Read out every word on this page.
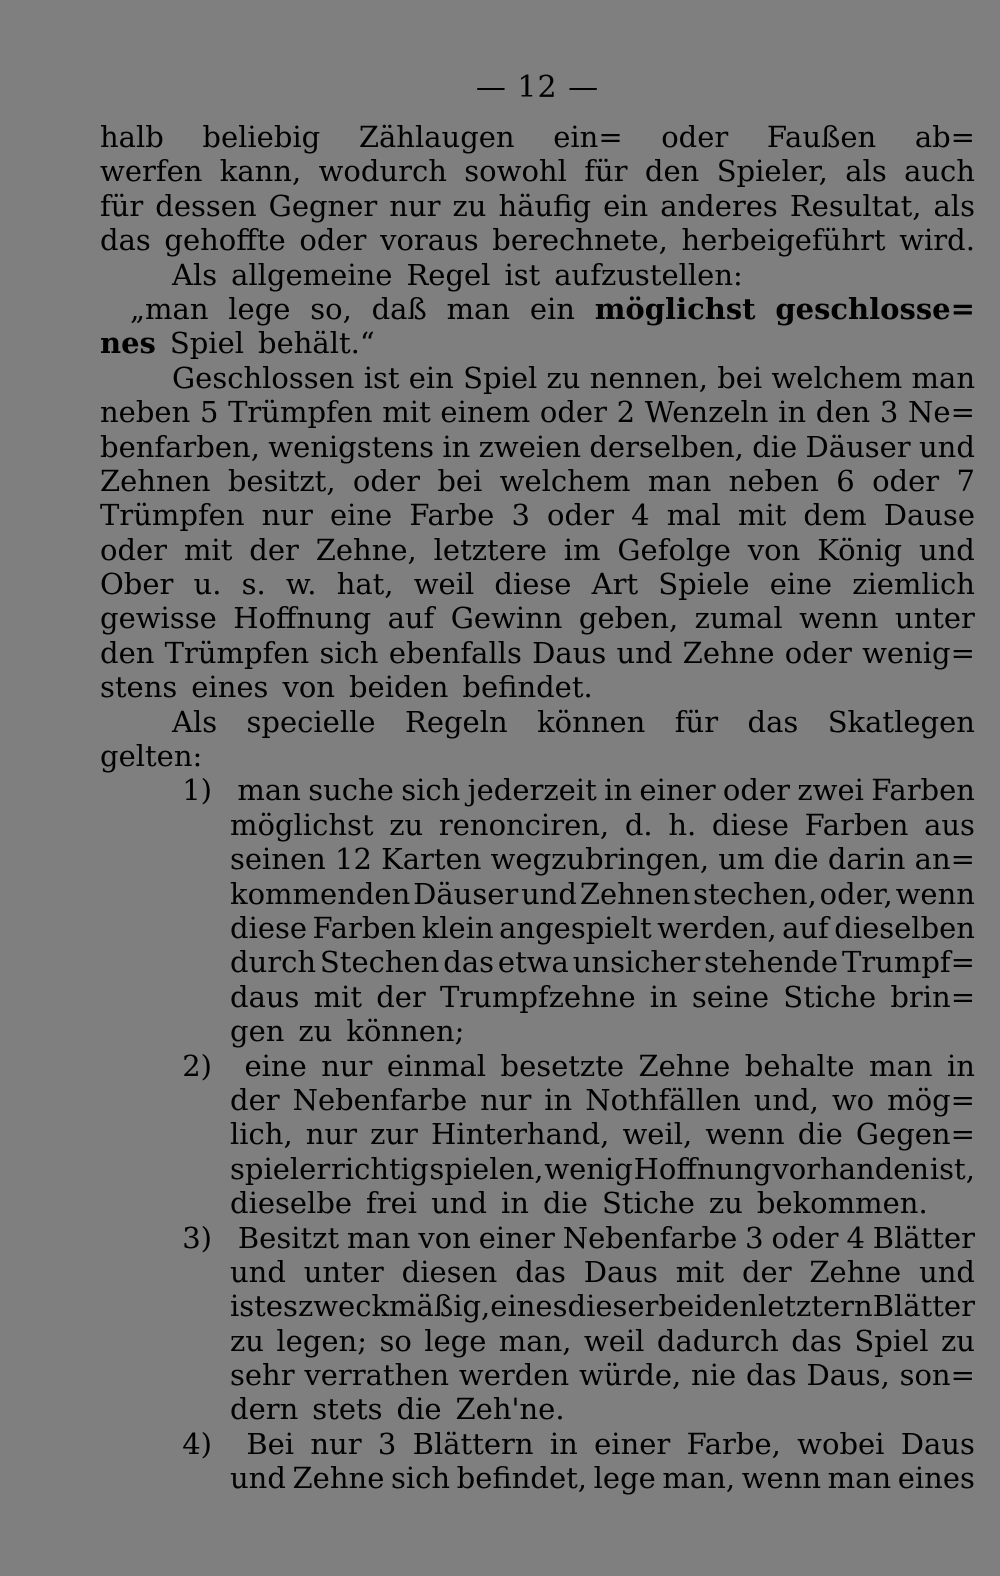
— 12 —
halb beliebig Zählaugen ein= oder Faußen ab=
werfen kann, wodurch sowohl für den Spieler, als auch
für dessen Gegner nur zu häufig ein anderes Resultat, als
das gehoffte oder voraus berechnete, herbeigeführt wird.
Als allgemeine Regel ist aufzustellen:
„man lege so, daß man ein möglichst geschlosse=
nes Spiel behält.“
Geschlossen ist ein Spiel zu nennen, bei welchem man
neben 5 Trümpfen mit einem oder 2 Wenzeln in den 3 Ne=
benfarben, wenigstens in zweien derselben, die Däuser und
Zehnen besitzt, oder bei welchem man neben 6 oder 7
Trümpfen nur eine Farbe 3 oder 4 mal mit dem Dause
oder mit der Zehne, letztere im Gefolge von König und
Ober u. s. w. hat, weil diese Art Spiele eine ziemlich
gewisse Hoffnung auf Gewinn geben, zumal wenn unter
den Trümpfen sich ebenfalls Daus und Zehne oder wenig=
stens eines von beiden befindet.
Als specielle Regeln können für das Skatlegen
gelten:
1) man suche sich jederzeit in einer oder zwei Farben
möglichst zu renonciren, d. h. diese Farben aus
seinen 12 Karten wegzubringen, um die darin an=
kommenden Däuser und Zehnen stechen, oder, wenn
diese Farben klein angespielt werden, auf dieselben
durch Stechen das etwa unsicher stehende Trumpf=
daus mit der Trumpfzehne in seine Stiche brin=
gen zu können;
2)	eine nur einmal besetzte Zehne behalte man in
der Nebenfarbe nur in Nothfällen und, wo mög=
lich, nur zur Hinterhand, weil, wenn die Gegen=
spieler richtig spielen, wenig Hoffnung vorhanden ist,
dieselbe frei und in die Stiche zu bekommen.
3) Besitzt man von einer Nebenfarbe 3 oder 4 Blätter
und unter diesen das Daus mit der Zehne und
ist es zweckmäßig, eines dieser beiden letztern Blätter
zu legen; so lege man, weil dadurch das Spiel zu
sehr verrathen werden würde, nie das Daus, son=
dern stets die Zeh'ne.
4)	Bei nur 3 Blättern in einer Farbe, wobei Daus
und Zehne sich befindet, lege man, wenn man eines
